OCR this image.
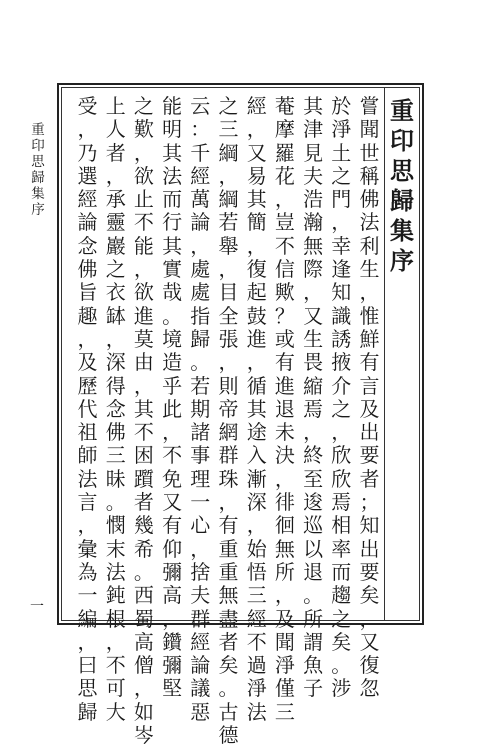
重
印
思
歸
集
序
一
重
印
思
歸
集
序
嘗
聞
世
稱
佛
法
利
生
，
惟
鮮
有
言
及
出
要
者
；
知
出
要
矣
，
又
復
忽
於
淨
土
之
門
，
幸
逢
知
識
誘
掖
介
之
，
欣
欣
焉
相
率
而
趨
之
矣
。
涉
其
津
見
夫
浩
瀚
無
際
，
又
生
畏
縮
焉
，
終
至
逡
巡
以
退
。
所
謂
魚
子
菴
摩
羅
花
，
豈
不
信
歟
？
或
有
進
退
未
決
，
徘
徊
無
所
，
及
聞
淨
僅
三
經
，
又
易
其
簡
，
復
起
鼓
進
，
循
其
途
入
漸
深
，
始
悟
三
經
不
過
淨
法
之
三
綱
，
綱
若
舉
，
目
全
張
，
則
帝
網
群
珠
，
有
重
重
無
盡
者
矣
。
古
德
云
：
千
經
萬
論
，
處
處
指
歸
。
若
期
諸
事
理
一
心
，
捨
夫
群
經
論
議
惡
能
明
其
法
而
行
其
實
哉
。
境
造
乎
此
，
不
免
又
有
仰
彌
高
，
鑽
彌
堅
之
歎
，
欲
止
不
能
，
欲
進
莫
由
，
其
不
困
躓
者
幾
希
。
西
蜀
高
僧
，
如
岑
上
人
者
，
承
靈
巖
之
衣
缽
，
深
得
念
佛
三
昧
。
憫
末
法
鈍
根
，
不
可
大
受
，
乃
選
經
論
念
佛
旨
趣
，
及
歷
代
祖
師
法
言
，
彙
為
一
編
，
曰
思
歸
